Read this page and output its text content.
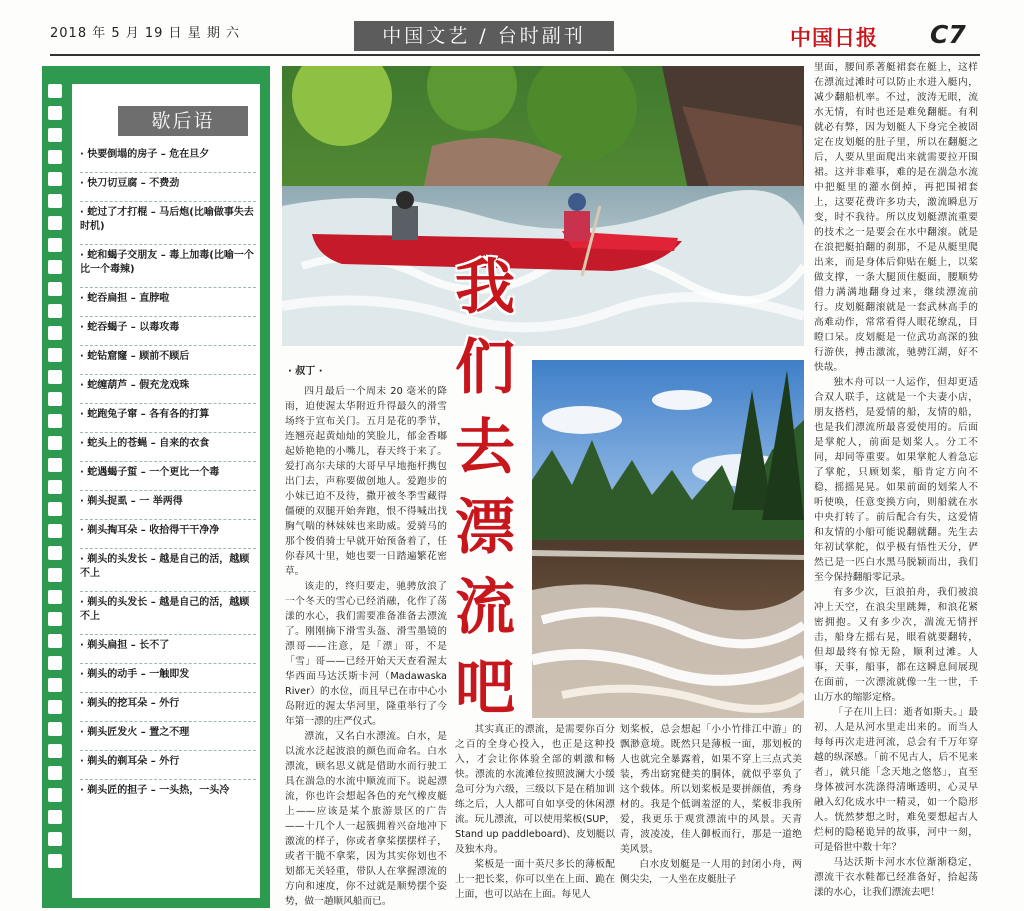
2018 年 5 月 19 日 星 期 六	中国文艺 / 台时副刊	中国日报 C7
歇后语
· 快要倒塌的房子 – 危在旦夕
· 快刀切豆腐 – 不费劲
· 蛇过了才打棍 – 马后炮(比喻做事失去时机)
· 蛇和蝎子交朋友 – 毒上加毒(比喻一个比一个毒辣)
· 蛇吞扁担 – 直脖啦
· 蛇吞蝎子 – 以毒攻毒
· 蛇钻窟窿 – 顾前不顾后
· 蛇缠葫芦 – 假充龙戏珠
· 蛇跑兔子窜 – 各有各的打算
· 蛇头上的苍蝇 – 自来的衣食
· 蛇遇蝎子蜇 – 一个更比一个毒
· 剃头捉虱 – 一 举两得
· 剃头掏耳朵 – 收拾得干干净净
· 剃头的头发长 – 越是自己的活，越顾不上
· 剃头的头发长 – 越是自己的活，越顾不上
· 剃头扁担 – 长不了
· 剃头的动手 – 一触即发
· 剃头的挖耳朵 – 外行
· 剃头匠发火 – 置之不理
· 剃头的剃耳朵 – 外行
· 剃头匠的担子 – 一头热，一头冷
我
们
去
漂
流
吧
· 叔丁 ·

四月最后一个周末 20 毫米的降雨，迫使渥太华附近升得最久的滑雪场终于宣布关门。五月是花的季节，连翘亮起黄灿灿的笑脸儿，郁金香嘟起娇艳艳的小嘴儿，春天终于来了。爱打高尔夫球的大哥早早地拖杆携包出门去，声称要做创地人。爱跑步的小妹已迫不及待，撒开被冬季雪藏得僵硬的双腿开始奔跑，恨不得喊出找胸气喘的林妹妹也来助威。爱骑马的那个俊俏骑士早就开始预备着了，任你春风十里，她也要一日踏遍繁花密草。

该走的，终归要走，驰骋放浪了一个冬天的雪心已经消融，化作了荡漾的水心，我们需要准备准备去漂流了。刚刚摘下滑雪头盔、滑雪墨镜的漂哥——注意，是「漂」哥，不是「雪」哥——已经开始天天查看渥太华西面马达沃斯卡河（Madawaska River）的水位，而且早已在市中心小岛附近的渥太华河里，隆重举行了今年第一漂的庄严仪式。

漂流，又名白水漂流。白水，是以流水泛起波浪的颜色而命名。白水漂流，顾名思义就是借助水而行驶工具在湍急的水流中顺流而下。说起漂流，你也许会想起各色的充气橡皮艇上——应该是某个旅游景区的广告——十几个人一起簇拥着兴奋地冲下激流的样子，你或者拿桨摆摆样子，或者干脆不拿桨，因为其实你划也不划都无关轻重，带队人在掌握漂流的方向和速度，你不过就是顺势摆个姿势，做一趟顺风船而已。

其实真正的漂流，是需要你百分之百的全身心投入，也正是这种投入，才会让你体验全部的刺激和畅快。漂流的水流滩位按照波澜大小缓急可分为六级，三级以下是在稍加训练之后，人人都可自如享受的休闲漂流。玩儿漂流，可以使用桨板(SUP，Stand up paddleboard)、皮划艇以及独木舟。

桨板是一面十英尺多长的薄板配上一把长桨，你可以坐在上面、跪在上面，也可以站在上面。每见人

划桨板，总会想起「小小竹排江中游」的飘渺意境。既然只是薄板一面，那划板的人也就完全暴露着，如果不穿上三点式美装，秀出窈窕健美的胴体，就似乎辜负了这个载体。所以划桨板是要拼颜值，秀身材的。我是个低调羞涩的人，桨板非我所爱，我更乐于观赏漂流中的风景。天青青，波凌凌，佳人御板而行，那是一道绝美风景。

白水皮划艇是一人用的封闭小舟，两侧尖尖，一人坐在皮艇肚子

里面，腰间系著艇裙套在艇上，这样在漂流过滩时可以防止水进入艇内，减少翻船机率。不过，波涛无眼，流水无情，有时也还是难免翻艇。有利就必有弊，因为划艇人下身完全被固定在皮划艇的肚子里，所以在翻艇之后，人要从里面爬出来就需要拉开围裙。这并非难事，难的是在湍急水流中把艇里的灌水倒掉，再把围裙套上，这要花费许多功夫，激流瞬息万变，时不我待。所以皮划艇漂流重要的技术之一是要会在水中翻滚。就是在浪把艇拍翻的刹那，不是从艇里爬出来，而是身体后仰贴在艇上，以桨做支撑，一条大腿顶住艇面，腰顺势借力满满地翻身过来，继续漂流前行。皮划艇翻滚就是一套武林高手的高难动作，常常看得人眼花缭乱，目瞪口呆。皮划艇是一位武功高深的独行游侠，搏击激流，驰骋江湖，好不快哉。

独木舟可以一人运作，但却更适合双人联手，这就是一个夫妻小店，朋友搭档，是爱情的船，友情的船，也是我们漂流所最喜爱使用的。后面是掌舵人，前面是划桨人。分工不同，却同等重要。如果掌舵人着急忘了掌舵，只顾划桨，船肯定方向不稳，摇摇晃晃。如果前面的划桨人不听使唤，任意变换方向，则船就在水中央打转了。前后配合有失，这爱情和友情的小船可能说翻就翻。先生去年初试掌舵，似乎极有悟性天分，俨然已是一匹白水黑马脱颖而出，我们至今保持翻船零记录。

有多少次，巨浪拍舟，我们被浪冲上天空，在浪尖里跳舞，和浪花紧密拥抱。又有多少次，湍流无情抨击，船身左摇右晃，眼看就要翻转，但却最终有惊无险，顺利过滩。人事，天事，船事，都在这瞬息间展现在面前，一次漂流就像一生一世，千山万水的缩影定格。

「子在川上曰：逝者如斯夫。」最初，人是从河水里走出来的。而当人每每再次走进河流，总会有千万年穿越的纵深感。「前不见古人，后不见来者」，就只能「念天地之悠悠」，直至身体被河水洗涤得清晰透明，心灵早融入幻化成水中一精灵，如一个隐形人。恍然梦想之时，难免要想起古人烂柯的隐秘诡异的故事，河中一刻，可是俗世中数十年？

马达沃斯卡河水水位渐渐稳定，漂流干衣水鞋都已经准备好，拾起荡漾的水心，让我们漂流去吧！
